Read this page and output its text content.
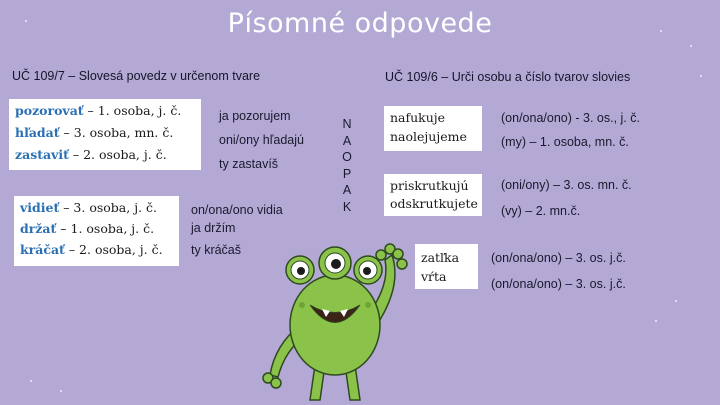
Písomné odpovede
UČ 109/7 – Slovesá povedz v určenom tvare	UČ 109/6 – Urči osobu a číslo tvarov slovies
pozorovať – 1. osoba, j. č.
hľadať – 3. osoba, mn. č.
zastaviť – 2. osoba, j. č.
vidieť – 3. osoba, j. č.
držať – 1. osoba, j. č.
kráčať – 2. osoba, j. č.
ja pozorujem
oni/ony hľadajú
ty zastavíš
on/ona/ono vidia
ja držím
ty kráčaš
N
A
O
P
A
K
nafukuje
naolejujeme
priskrutkujú
odskrutkujete
zatľka
vŕta
(on/ona/ono) - 3. os., j. č.
(my) – 1. osoba, mn. č.
(oni/ony) – 3. os. mn. č.
(vy) – 2. mn.č.
(on/ona/ono) – 3. os. j.č.
(on/ona/ono) – 3. os. j.č.
